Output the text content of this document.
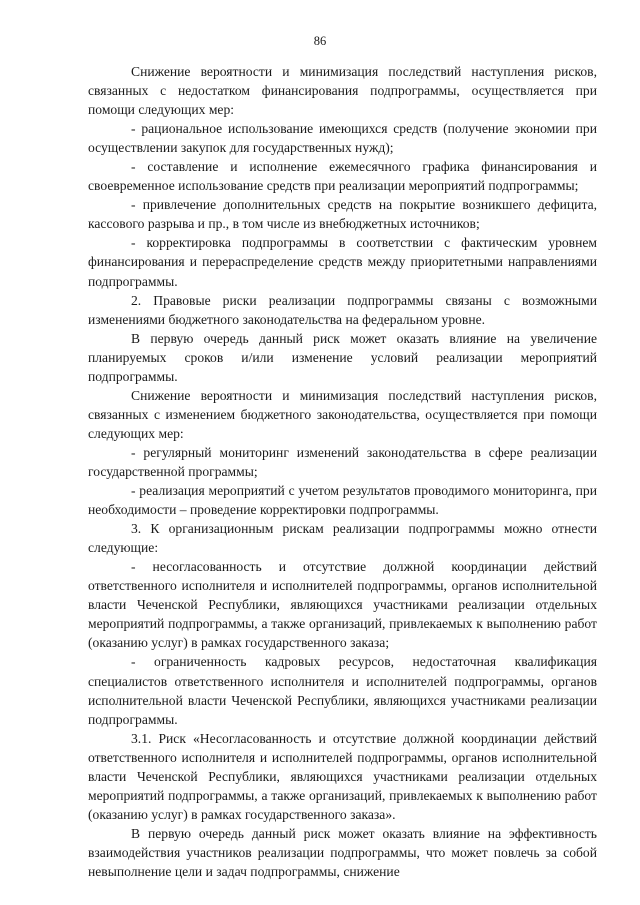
86

Снижение вероятности и минимизация последствий наступления рисков, связанных с недостатком финансирования подпрограммы, осуществляется при помощи следующих мер:

- рациональное использование имеющихся средств (получение экономии при осуществлении закупок для государственных нужд);

- составление и исполнение ежемесячного графика финансирования и своевременное использование средств при реализации мероприятий подпрограммы;

- привлечение дополнительных средств на покрытие возникшего дефицита, кассового разрыва и пр., в том числе из внебюджетных источников;

- корректировка подпрограммы в соответствии с фактическим уровнем финансирования и перераспределение средств между приоритетными направлениями подпрограммы.

2. Правовые риски реализации подпрограммы связаны с возможными изменениями бюджетного законодательства на федеральном уровне.

В первую очередь данный риск может оказать влияние на увеличение планируемых сроков и/или изменение условий реализации мероприятий подпрограммы.

Снижение вероятности и минимизация последствий наступления рисков, связанных с изменением бюджетного законодательства, осуществляется при помощи следующих мер:

- регулярный мониторинг изменений законодательства в сфере реализации государственной программы;

- реализация мероприятий с учетом результатов проводимого мониторинга, при необходимости – проведение корректировки подпрограммы.

3. К организационным рискам реализации подпрограммы можно отнести следующие:

- несогласованность и отсутствие должной координации действий ответственного исполнителя и исполнителей подпрограммы, органов исполнительной власти Чеченской Республики, являющихся участниками реализации отдельных мероприятий подпрограммы, а также организаций, привлекаемых к выполнению работ (оказанию услуг) в рамках государственного заказа;

- ограниченность кадровых ресурсов, недостаточная квалификация специалистов ответственного исполнителя и исполнителей подпрограммы, органов исполнительной власти Чеченской Республики, являющихся участниками реализации подпрограммы.

3.1. Риск «Несогласованность и отсутствие должной координации действий ответственного исполнителя и исполнителей подпрограммы, органов исполнительной власти Чеченской Республики, являющихся участниками реализации отдельных мероприятий подпрограммы, а также организаций, привлекаемых к выполнению работ (оказанию услуг) в рамках государственного заказа».

В первую очередь данный риск может оказать влияние на эффективность взаимодействия участников реализации подпрограммы, что может повлечь за собой невыполнение цели и задач подпрограммы, снижение
